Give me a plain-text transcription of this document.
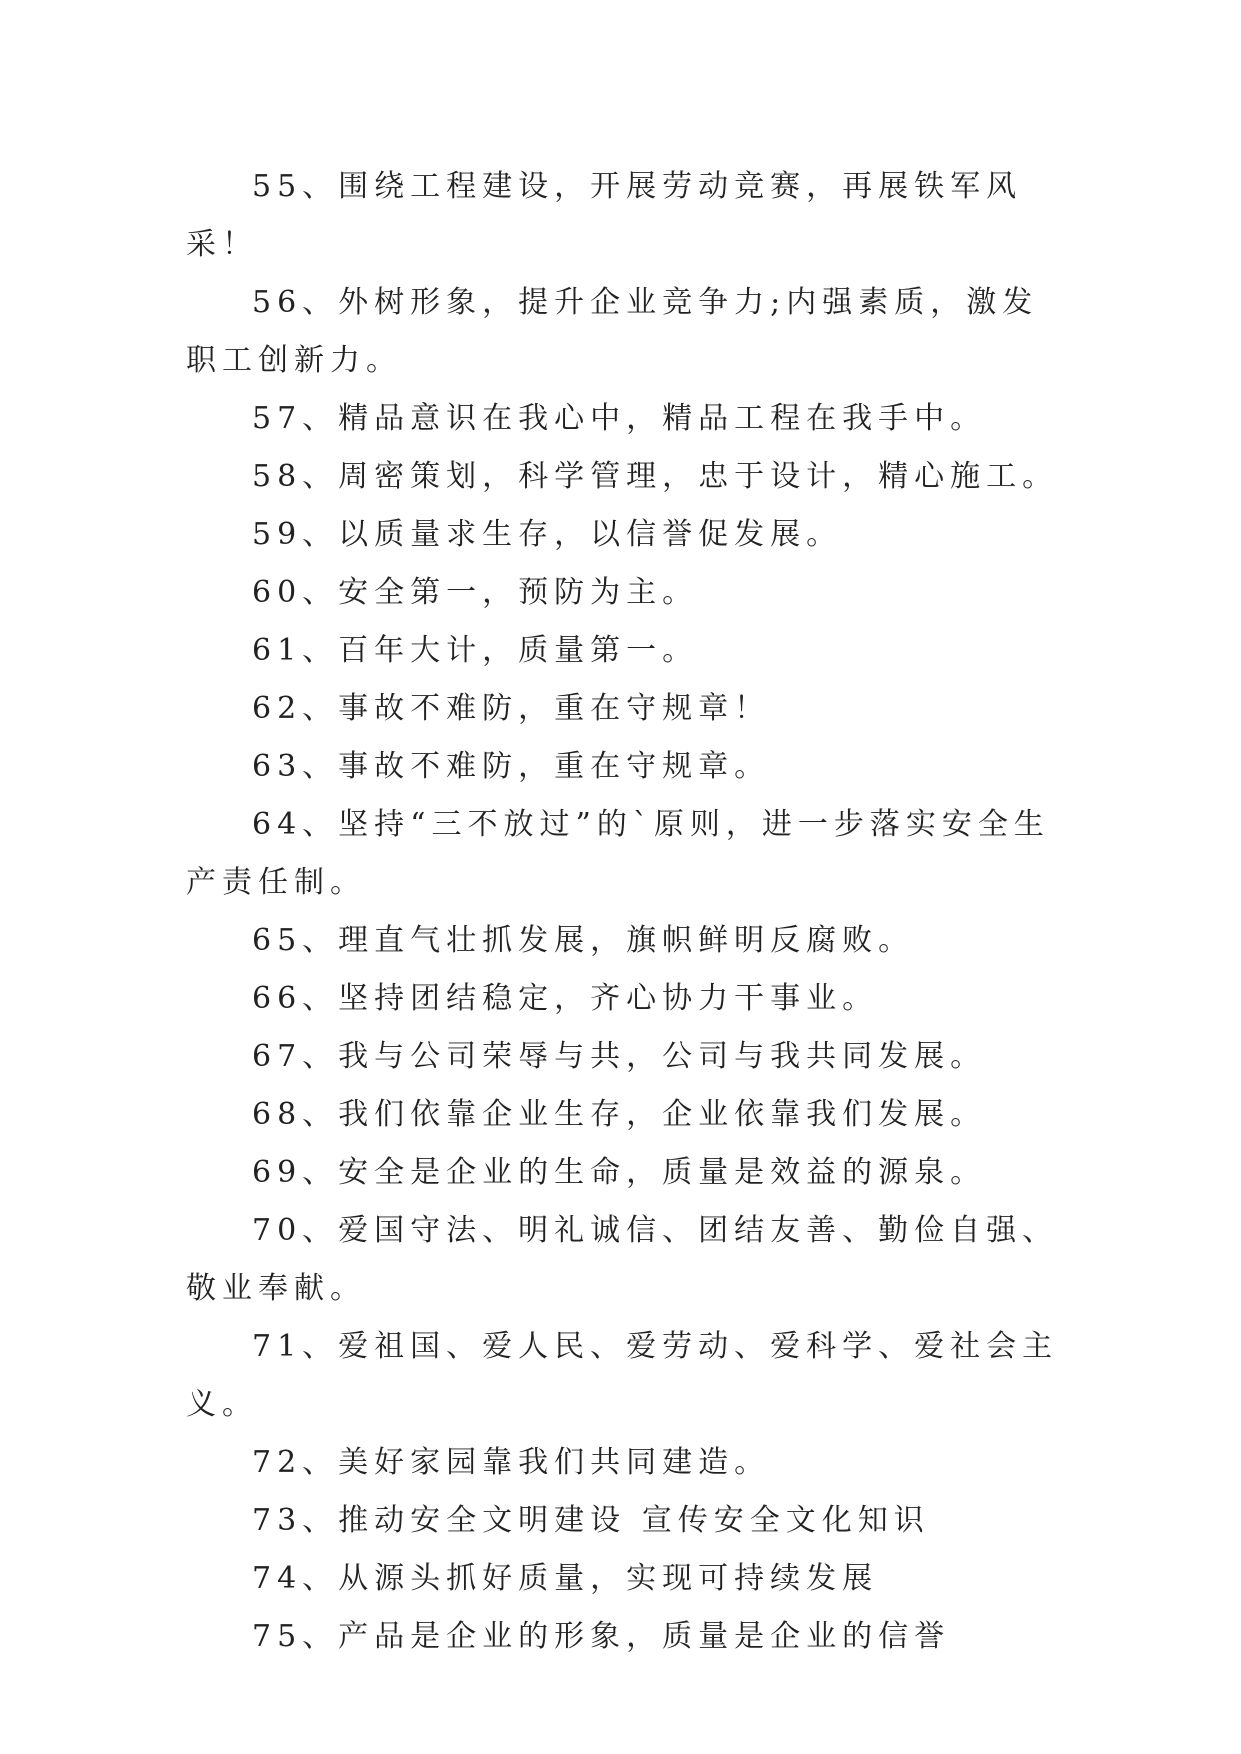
55、围绕工程建设，开展劳动竞赛，再展铁军风采！

56、外树形象，提升企业竞争力;内强素质，激发职工创新力。

57、精品意识在我心中，精品工程在我手中。

58、周密策划，科学管理，忠于设计，精心施工。

59、以质量求生存，以信誉促发展。

60、安全第一，预防为主。

61、百年大计，质量第一。

62、事故不难防，重在守规章！

63、事故不难防，重在守规章。

64、坚持“三不放过”的`原则，进一步落实安全生产责任制。

65、理直气壮抓发展，旗帜鲜明反腐败。

66、坚持团结稳定，齐心协力干事业。

67、我与公司荣辱与共，公司与我共同发展。

68、我们依靠企业生存，企业依靠我们发展。

69、安全是企业的生命，质量是效益的源泉。

70、爱国守法、明礼诚信、团结友善、勤俭自强、敬业奉献。

71、爱祖国、爱人民、爱劳动、爱科学、爱社会主义。

72、美好家园靠我们共同建造。

73、推动安全文明建设 宣传安全文化知识

74、从源头抓好质量，实现可持续发展

75、产品是企业的形象，质量是企业的信誉
